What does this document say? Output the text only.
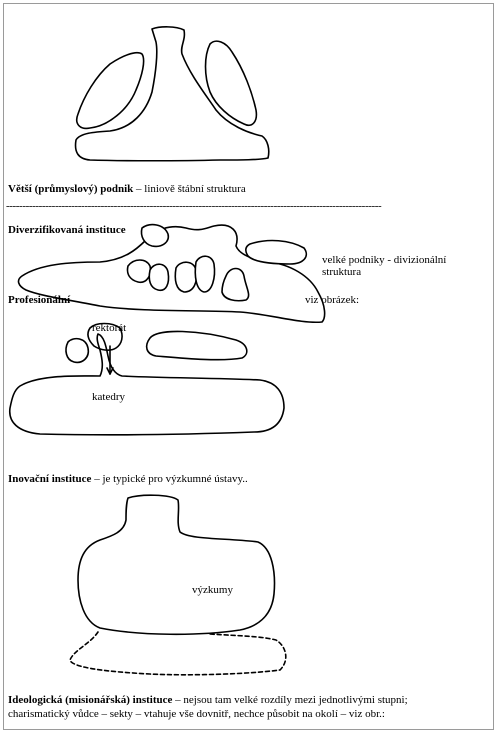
Větší (průmyslový) podnik – liniově štábní struktura
-------------------------------------------------------------------------------------------------------------------
Diverzifikovaná instituce
velké podniky - divizionální
struktura
Profesionální	viz obrázek:
rektorát
katedry
Inovační instituce – je typické pro výzkumné ústavy..
výzkumy
Ideologická (misionářská) instituce – nejsou tam velké rozdíly mezi jednotlivými stupni;
charismatický vůdce – sekty – vtahuje vše dovnitř, nechce působit na okolí – viz obr.:
